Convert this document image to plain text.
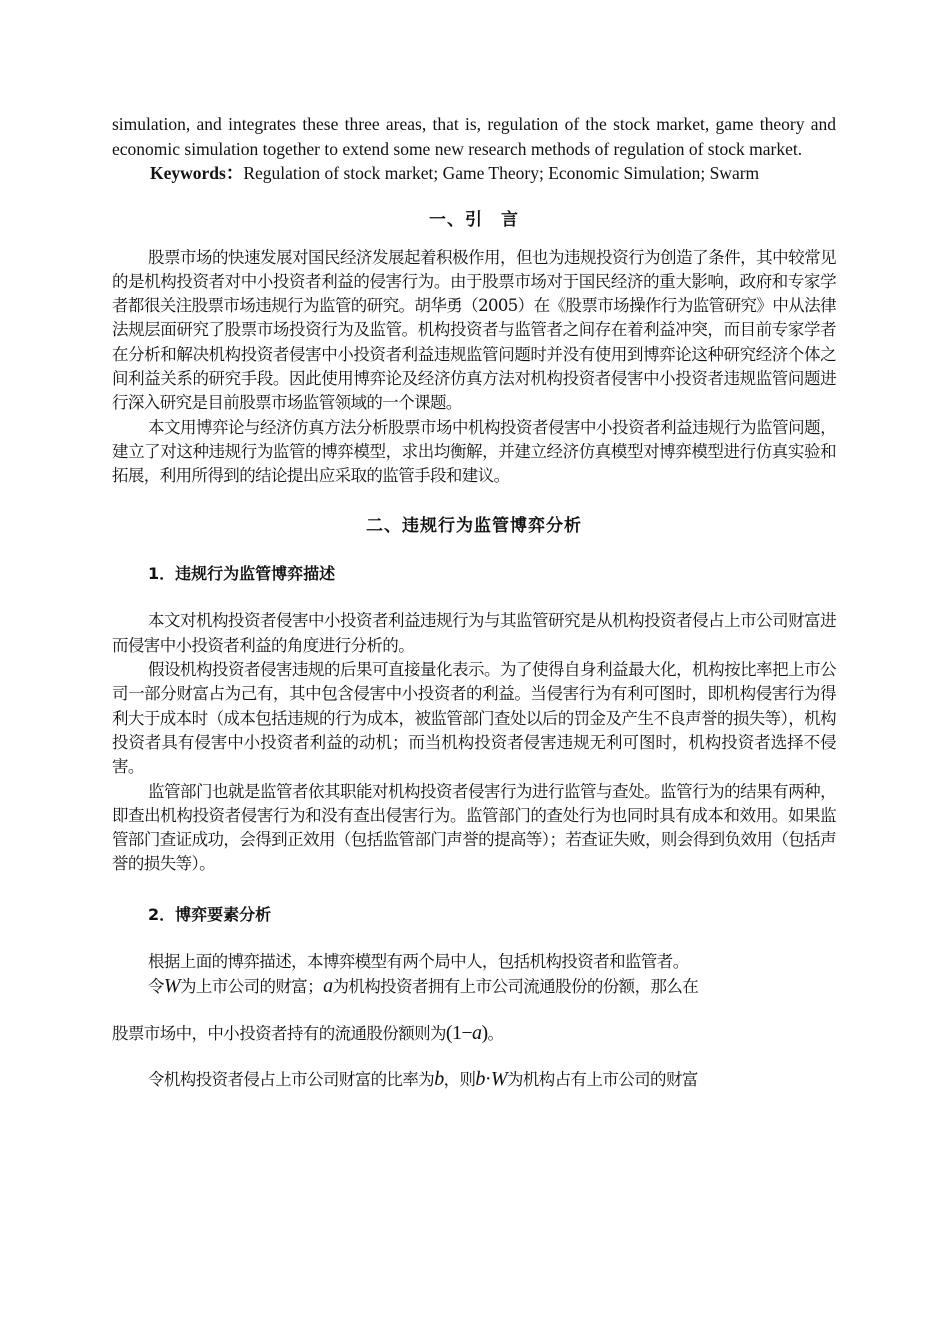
simulation, and integrates these three areas, that is, regulation of the stock market, game theory and economic simulation together to extend some new research methods of regulation of stock market.

Keywords：Regulation of stock market; Game Theory; Economic Simulation; Swarm

一、引　言

股票市场的快速发展对国民经济发展起着积极作用，但也为违规投资行为创造了条件，其中较常见的是机构投资者对中小投资者利益的侵害行为。由于股票市场对于国民经济的重大影响，政府和专家学者都很关注股票市场违规行为监管的研究。胡华勇（2005）在《股票市场操作行为监管研究》中从法律法规层面研究了股票市场投资行为及监管。机构投资者与监管者之间存在着利益冲突，而目前专家学者在分析和解决机构投资者侵害中小投资者利益违规监管问题时并没有使用到博弈论这种研究经济个体之间利益关系的研究手段。因此使用博弈论及经济仿真方法对机构投资者侵害中小投资者违规监管问题进行深入研究是目前股票市场监管领域的一个课题。

本文用博弈论与经济仿真方法分析股票市场中机构投资者侵害中小投资者利益违规行为监管问题，建立了对这种违规行为监管的博弈模型，求出均衡解，并建立经济仿真模型对博弈模型进行仿真实验和拓展，利用所得到的结论提出应采取的监管手段和建议。

二、违规行为监管博弈分析
1．违规行为监管博弈描述

本文对机构投资者侵害中小投资者利益违规行为与其监管研究是从机构投资者侵占上市公司财富进而侵害中小投资者利益的角度进行分析的。

假设机构投资者侵害违规的后果可直接量化表示。为了使得自身利益最大化，机构按比率把上市公司一部分财富占为己有，其中包含侵害中小投资者的利益。当侵害行为有利可图时，即机构侵害行为得利大于成本时（成本包括违规的行为成本，被监管部门查处以后的罚金及产生不良声誉的损失等），机构投资者具有侵害中小投资者利益的动机；而当机构投资者侵害违规无利可图时，机构投资者选择不侵害。

监管部门也就是监管者依其职能对机构投资者侵害行为进行监管与查处。监管行为的结果有两种，即查出机构投资者侵害行为和没有查出侵害行为。监管部门的查处行为也同时具有成本和效用。如果监管部门查证成功，会得到正效用（包括监管部门声誉的提高等）；若查证失败，则会得到负效用（包括声誉的损失等）。

2．博弈要素分析

根据上面的博弈描述，本博弈模型有两个局中人，包括机构投资者和监管者。

令W为上市公司的财富；a为机构投资者拥有上市公司流通股份的份额，那么在

股票市场中，中小投资者持有的流通股份额则为(1−a)。

令机构投资者侵占上市公司财富的比率为b，则b·W为机构占有上市公司的财富
